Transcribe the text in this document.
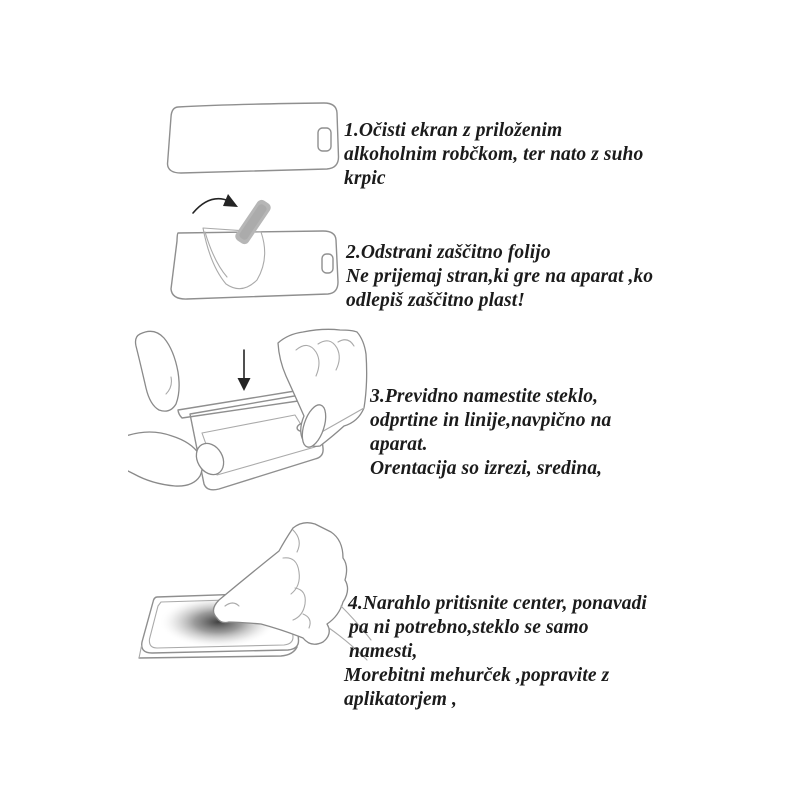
1.Očisti ekran z priloženim
alkoholnim robčkom, ter nato z suho
krpic
2.Odstrani zaščitno folijo
Ne prijemaj stran,ki gre na aparat ,ko
odlepiš zaščitno plast!
3.Previdno namestite steklo,
odprtine in linije,navpično na
aparat.
Orentacija so izrezi, sredina,
4.Narahlo pritisnite center, ponavadi
pa ni potrebno,steklo se samo
namesti,
Morebitni mehurček ,popravite z
aplikatorjem ,
